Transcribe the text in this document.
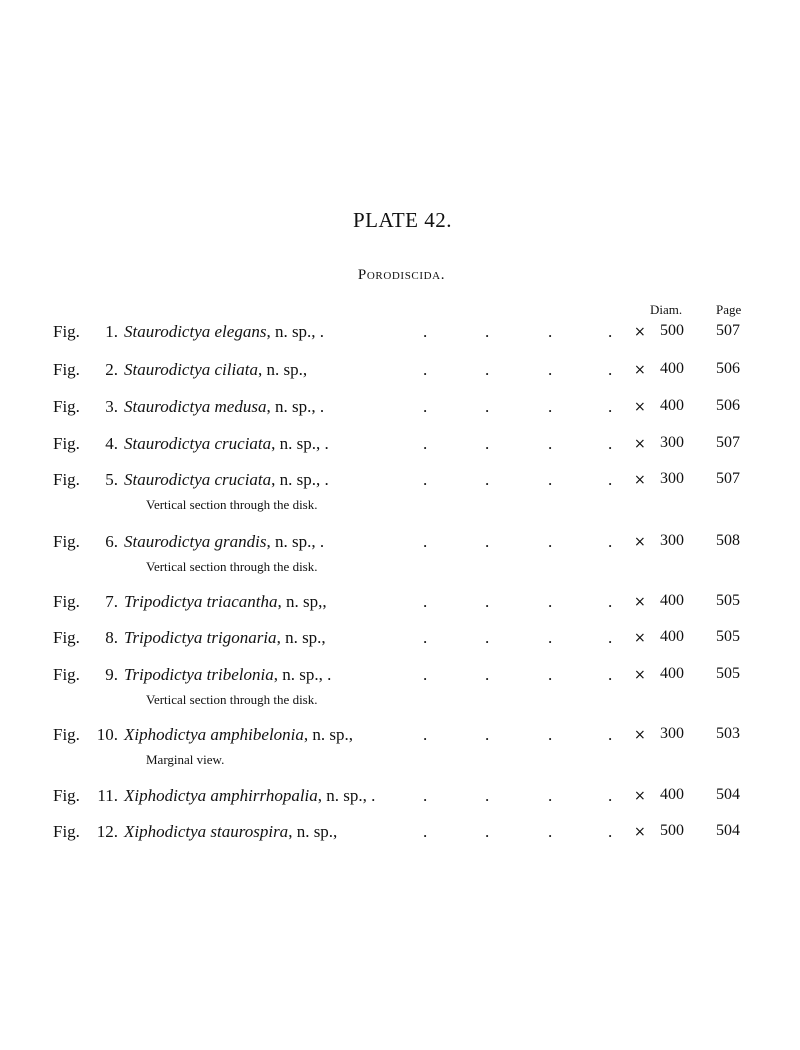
PLATE 42.
Porodiscida.
Diam.	Page
Fig.	1. Staurodictya elegans, n. sp., .	.	.	.	. × 500 507
Fig.	2. Staurodictya ciliata, n. sp.,	.	.	.	. × 400 506
Fig.	3. Staurodictya medusa, n. sp., .	.	.	.	. × 400 506
Fig.	4. Staurodictya cruciata, n. sp., .	.	.	.	. × 300 507
Fig.	5. Staurodictya cruciata, n. sp., .	.	.	.	. × 300 507
Vertical section through the disk.
Fig.	6. Staurodictya grandis, n. sp., .	.	.	.	. × 300 508
Vertical section through the disk.
Fig.	7. Tripodictya triacantha, n. sp,,	.	.	.	. × 400 505
Fig.	8. Tripodictya trigonaria, n. sp.,	.	.	.	. × 400 505
Fig.	9. Tripodictya tribelonia, n. sp., .	.	.	.	. × 400 505
Vertical section through the disk.
Fig. 10. Xiphodictya amphibelonia, n. sp.,	.	.	.	. × 300 503
Marginal view.
Fig.	11. Xiphodictya amphirrhopalia, n. sp., .	.	.	.	. × 400 504
Fig. 12. Xiphodictya staurospira, n. sp.,	.	.	.	. × 500 504
